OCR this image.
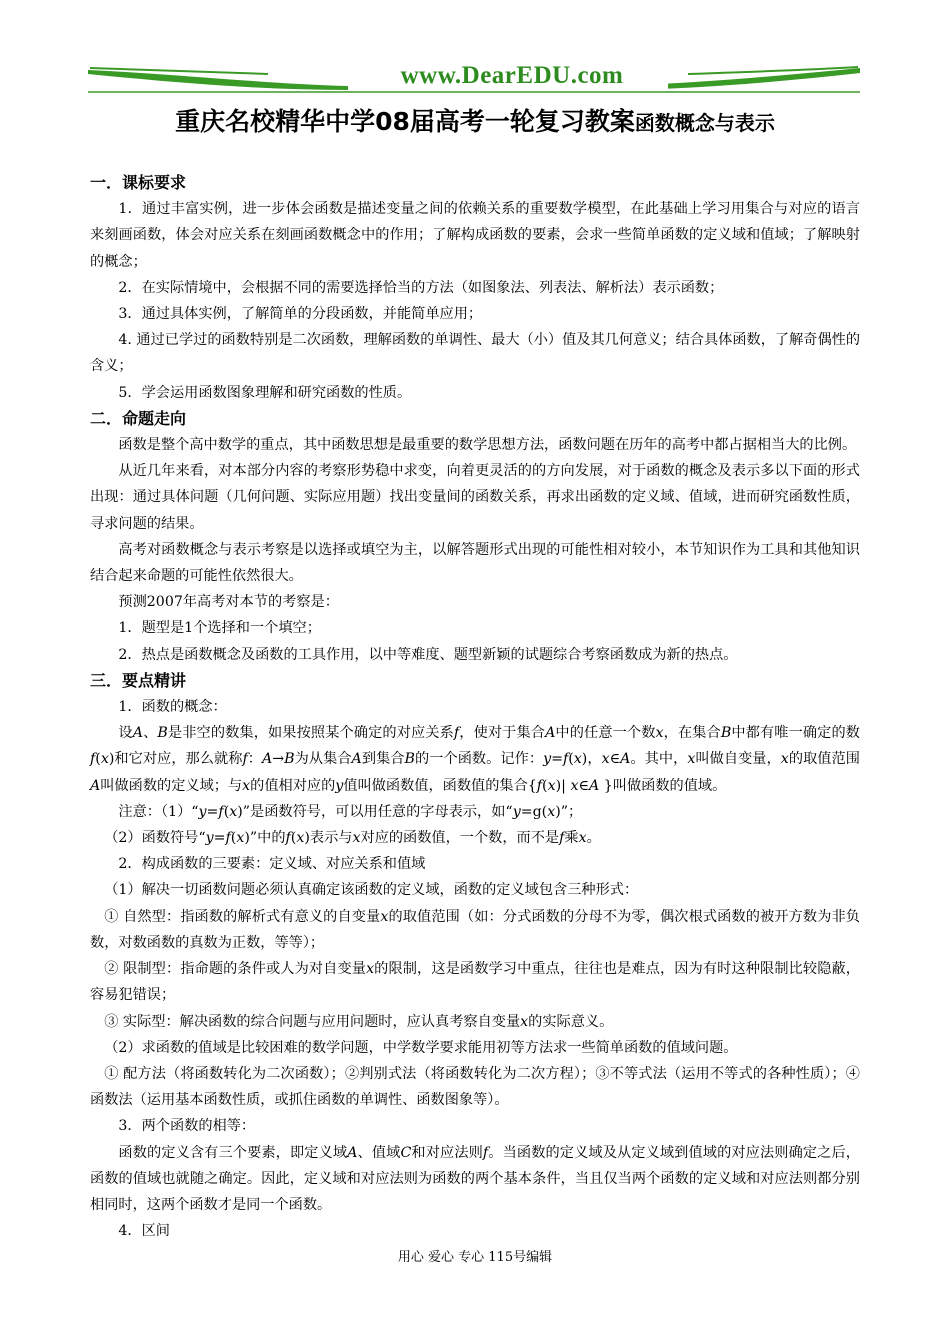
www.DearEDU.com
重庆名校精华中学08届高考一轮复习教案函数概念与表示
一．课标要求

1．通过丰富实例，进一步体会函数是描述变量之间的依赖关系的重要数学模型，在此基础上学习用集合与对应的语言来刻画函数，体会对应关系在刻画函数概念中的作用；了解构成函数的要素，会求一些简单函数的定义域和值域；了解映射的概念；

2．在实际情境中，会根据不同的需要选择恰当的方法（如图象法、列表法、解析法）表示函数；

3．通过具体实例，了解简单的分段函数，并能简单应用；

4. 通过已学过的函数特别是二次函数，理解函数的单调性、最大（小）值及其几何意义；结合具体函数，了解奇偶性的含义；

5．学会运用函数图象理解和研究函数的性质。

二．命题走向

函数是整个高中数学的重点，其中函数思想是最重要的数学思想方法，函数问题在历年的高考中都占据相当大的比例。

从近几年来看，对本部分内容的考察形势稳中求变，向着更灵活的的方向发展，对于函数的概念及表示多以下面的形式出现：通过具体问题（几何问题、实际应用题）找出变量间的函数关系，再求出函数的定义域、值域，进而研究函数性质，寻求问题的结果。

高考对函数概念与表示考察是以选择或填空为主，以解答题形式出现的可能性相对较小，本节知识作为工具和其他知识结合起来命题的可能性依然很大。

预测2007年高考对本节的考察是：

1．题型是1个选择和一个填空；

2．热点是函数概念及函数的工具作用，以中等难度、题型新颖的试题综合考察函数成为新的热点。

三．要点精讲

1．函数的概念：

设A、B是非空的数集，如果按照某个确定的对应关系f，使对于集合A中的任意一个数x，在集合B中都有唯一确定的数f(x)和它对应，那么就称f：A→B为从集合A到集合B的一个函数。记作：y=f(x)，x∈A。其中，x叫做自变量，x的取值范围A叫做函数的定义域；与x的值相对应的y值叫做函数值，函数值的集合{f(x)| x∈A }叫做函数的值域。

注意：（1）“y=f(x)”是函数符号，可以用任意的字母表示，如“y=g(x)”；

（2）函数符号“y=f(x)”中的f(x)表示与x对应的函数值，一个数，而不是f乘x。

2．构成函数的三要素：定义域、对应关系和值域

（1）解决一切函数问题必须认真确定该函数的定义域，函数的定义域包含三种形式：

① 自然型：指函数的解析式有意义的自变量x的取值范围（如：分式函数的分母不为零，偶次根式函数的被开方数为非负数，对数函数的真数为正数，等等）；

② 限制型：指命题的条件或人为对自变量x的限制，这是函数学习中重点，往往也是难点，因为有时这种限制比较隐蔽，容易犯错误；

③ 实际型：解决函数的综合问题与应用问题时，应认真考察自变量x的实际意义。

（2）求函数的值域是比较困难的数学问题，中学数学要求能用初等方法求一些简单函数的值域问题。

① 配方法（将函数转化为二次函数）；②判别式法（将函数转化为二次方程）；③不等式法（运用不等式的各种性质）；④函数法（运用基本函数性质，或抓住函数的单调性、函数图象等）。

3．两个函数的相等：

函数的定义含有三个要素，即定义域A、值域C和对应法则f。当函数的定义域及从定义域到值域的对应法则确定之后，函数的值域也就随之确定。因此，定义域和对应法则为函数的两个基本条件，当且仅当两个函数的定义域和对应法则都分别相同时，这两个函数才是同一个函数。

4．区间

用心 爱心 专心 115号编辑
